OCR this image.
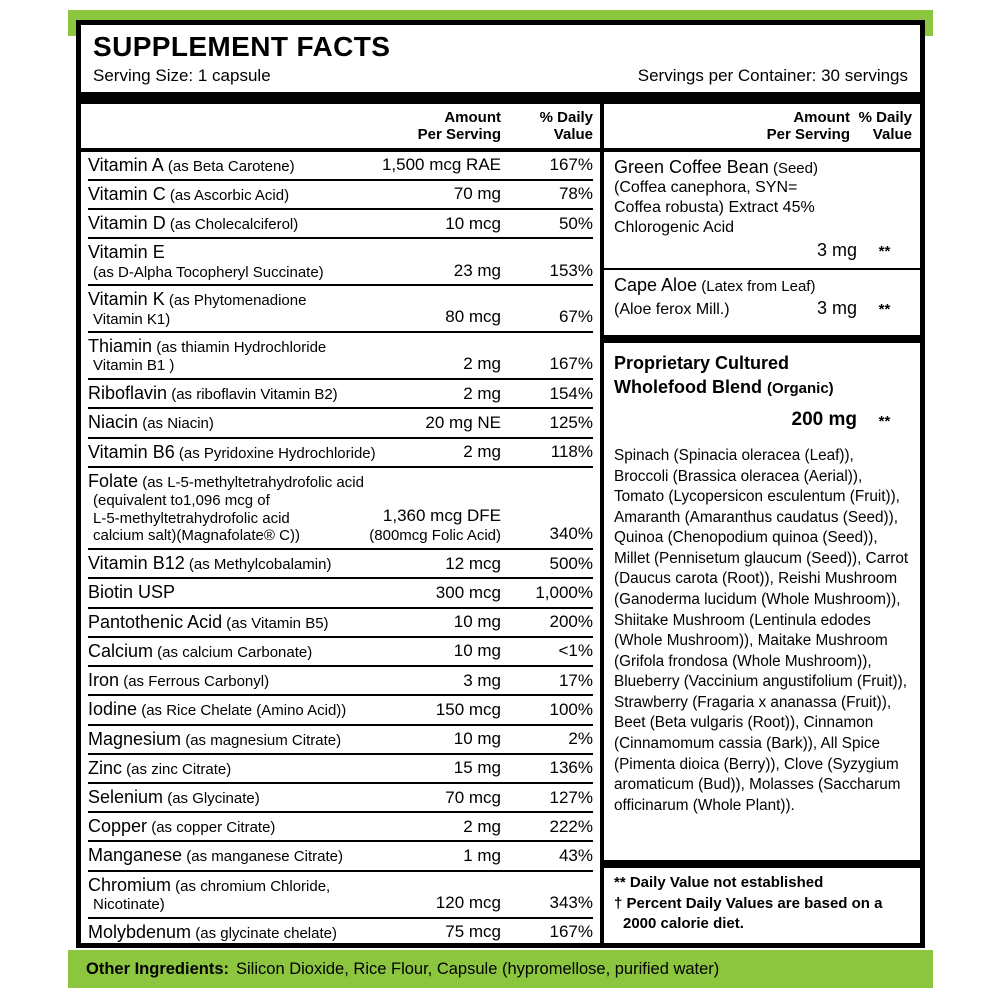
SUPPLEMENT FACTS
Serving Size: 1 capsule	Servings per Container: 30 servings
Amount
Per Serving
% Daily
Value
Vitamin A (as Beta Carotene)	1,500 mcg RAE	167%
Vitamin C (as Ascorbic Acid)	70 mg	78%
Vitamin D (as Cholecalciferol)	10 mcg	50%
Vitamin E
(as D-Alpha Tocopheryl Succinate)	23 mg	153%
Vitamin K (as Phytomenadione
Vitamin K1)	80 mcg	67%
Thiamin (as thiamin Hydrochloride
Vitamin B1 )	2 mg	167%
Riboflavin (as riboflavin Vitamin B2)	2 mg	154%
Niacin (as Niacin)	20 mg NE	125%
Vitamin B6 (as Pyridoxine Hydrochloride)	2 mg	118%
Folate (as L-5-methyltetrahydrofolic acid
(equivalent to1,096 mcg of
L-5-methyltetrahydrofolic acid
calcium salt)(Magnafolate® C))
1,360 mcg DFE
(800mcg Folic Acid)	340%
Vitamin B12 (as Methylcobalamin)	12 mcg	500%
Biotin USP	300 mcg	1,000%
Pantothenic Acid (as Vitamin B5)	10 mg	200%
Calcium (as calcium Carbonate)	10 mg	<1%
Iron (as Ferrous Carbonyl)	3 mg	17%
Iodine (as Rice Chelate (Amino Acid))	150 mcg	100%
Magnesium (as magnesium Citrate)	10 mg	2%
Zinc (as zinc Citrate)	15 mg	136%
Selenium (as Glycinate)	70 mcg	127%
Copper (as copper Citrate)	2 mg	222%
Manganese (as manganese Citrate)	1 mg	43%
Chromium (as chromium Chloride,
Nicotinate)	120 mcg	343%
Molybdenum (as glycinate chelate)	75 mcg	167%
Amount
Per Serving
% Daily
Value
Green Coffee Bean (Seed)
(Coffea canephora, SYN=
Coffea robusta) Extract 45%
Chlorogenic Acid
3 mg	**
Cape Aloe (Latex from Leaf)
(Aloe ferox Mill.)	3 mg	**
Proprietary Cultured
Wholefood Blend (Organic)
200 mg	**
Spinach (Spinacia oleracea (Leaf)), Broccoli (Brassica oleracea (Aerial)), Tomato (Lycopersicon esculentum (Fruit)), Amaranth (Amaranthus caudatus (Seed)), Quinoa (Chenopodium quinoa (Seed)), Millet (Pennisetum glaucum (Seed)), Carrot (Daucus carota (Root)), Reishi Mushroom (Ganoderma lucidum (Whole Mushroom)), Shiitake Mushroom (Lentinula edodes (Whole Mushroom)), Maitake Mushroom (Grifola frondosa (Whole Mushroom)), Blueberry (Vaccinium angustifolium (Fruit)), Strawberry (Fragaria x ananassa (Fruit)), Beet (Beta vulgaris (Root)), Cinnamon (Cinnamomum cassia (Bark)), All Spice (Pimenta dioica (Berry)), Clove (Syzygium aromaticum (Bud)), Molasses (Saccharum officinarum (Whole Plant)).
** Daily Value not established
† Percent Daily Values are based on a 2000 calorie diet.
Other Ingredients: Silicon Dioxide, Rice Flour, Capsule (hypromellose, purified water)
